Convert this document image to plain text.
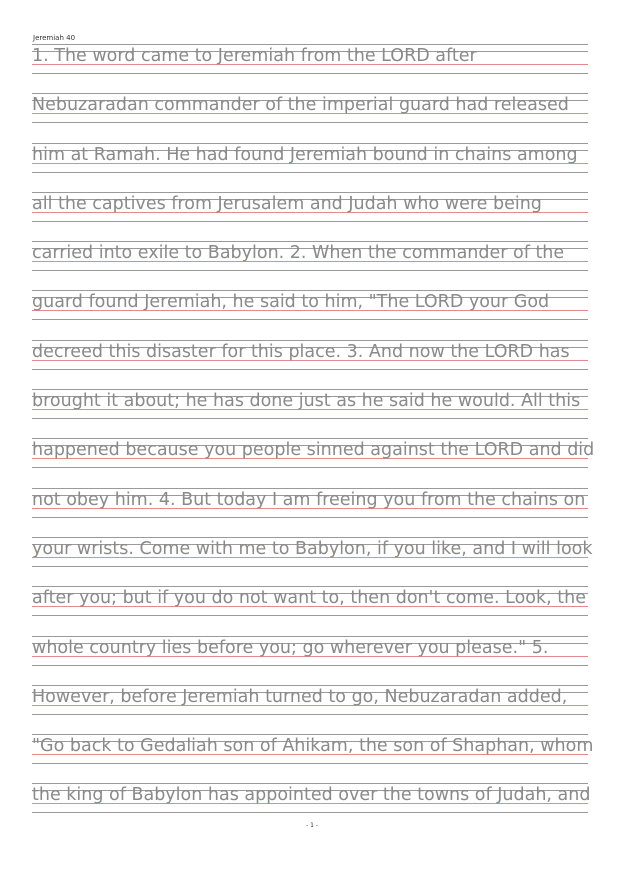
Jeremiah 40
1. The word came to Jeremiah from the LORD after
Nebuzaradan commander of the imperial guard had released
him at Ramah. He had found Jeremiah bound in chains among
all the captives from Jerusalem and Judah who were being
carried into exile to Babylon. 2. When the commander of the
guard found Jeremiah, he said to him, "The LORD your God
decreed this disaster for this place. 3. And now the LORD has
brought it about; he has done just as he said he would. All this
happened because you people sinned against the LORD and did
not obey him. 4. But today I am freeing you from the chains on
your wrists. Come with me to Babylon, if you like, and I will look
after you; but if you do not want to, then don't come. Look, the
whole country lies before you; go wherever you please." 5.
However, before Jeremiah turned to go, Nebuzaradan added,
"Go back to Gedaliah son of Ahikam, the son of Shaphan, whom
the king of Babylon has appointed over the towns of Judah, and
- 1 -
